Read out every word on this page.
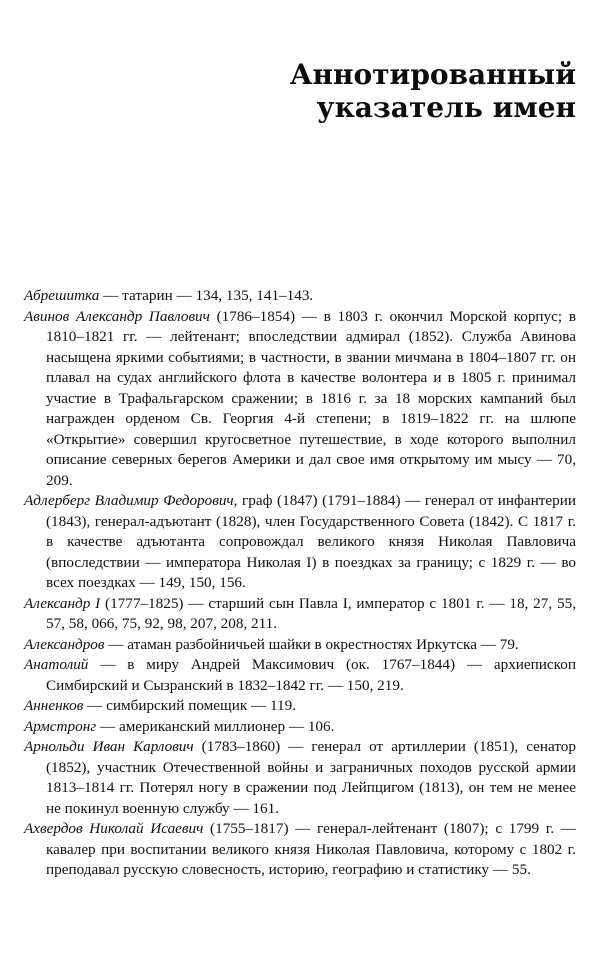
Аннотированный
указатель имен

Абрешитка — татарин — 134, 135, 141–143.

Авинов Александр Павлович (1786–1854) — в 1803 г. окончил Морской корпус; в 1810–1821 гг. — лейтенант; впоследствии адмирал (1852). Служба Авинова насыщена яркими событиями; в частности, в звании мичмана в 1804–1807 гг. он плавал на судах английского флота в качестве волонтера и в 1805 г. принимал участие в Трафальгарском сражении; в 1816 г. за 18 морских кампаний был награжден орденом Св. Георгия 4-й степени; в 1819–1822 гг. на шлюпе «Открытие» совершил кругосветное путешествие, в ходе которого выполнил описание северных берегов Америки и дал свое имя открытому им мысу — 70, 209.

Адлерберг Владимир Федорович, граф (1847) (1791–1884) — генерал от инфантерии (1843), генерал-адъютант (1828), член Государственного Совета (1842). С 1817 г. в качестве адъютанта сопровождал великого князя Николая Павловича (впоследствии — императора Николая I) в поездках за границу; с 1829 г. — во всех поездках — 149, 150, 156.

Александр I (1777–1825) — старший сын Павла I, император с 1801 г. — 18, 27, 55, 57, 58, 066, 75, 92, 98, 207, 208, 211.

Александров — атаман разбойничьей шайки в окрестностях Иркутска — 79.

Анатолий — в миру Андрей Максимович (ок. 1767–1844) — архиепископ Симбирский и Сызранский в 1832–1842 гг. — 150, 219.

Анненков — симбирский помещик — 119.

Армстронг — американский миллионер — 106.

Арнольди Иван Карлович (1783–1860) — генерал от артиллерии (1851), сенатор (1852), участник Отечественной войны и заграничных походов русской армии 1813–1814 гг. Потерял ногу в сражении под Лейпцигом (1813), он тем не менее не покинул военную службу — 161.

Ахвердов Николай Исаевич (1755–1817) — генерал-лейтенант (1807); с 1799 г. — кавалер при воспитании великого князя Николая Павловича, которому с 1802 г. преподавал русскую словесность, историю, географию и статистику — 55.
